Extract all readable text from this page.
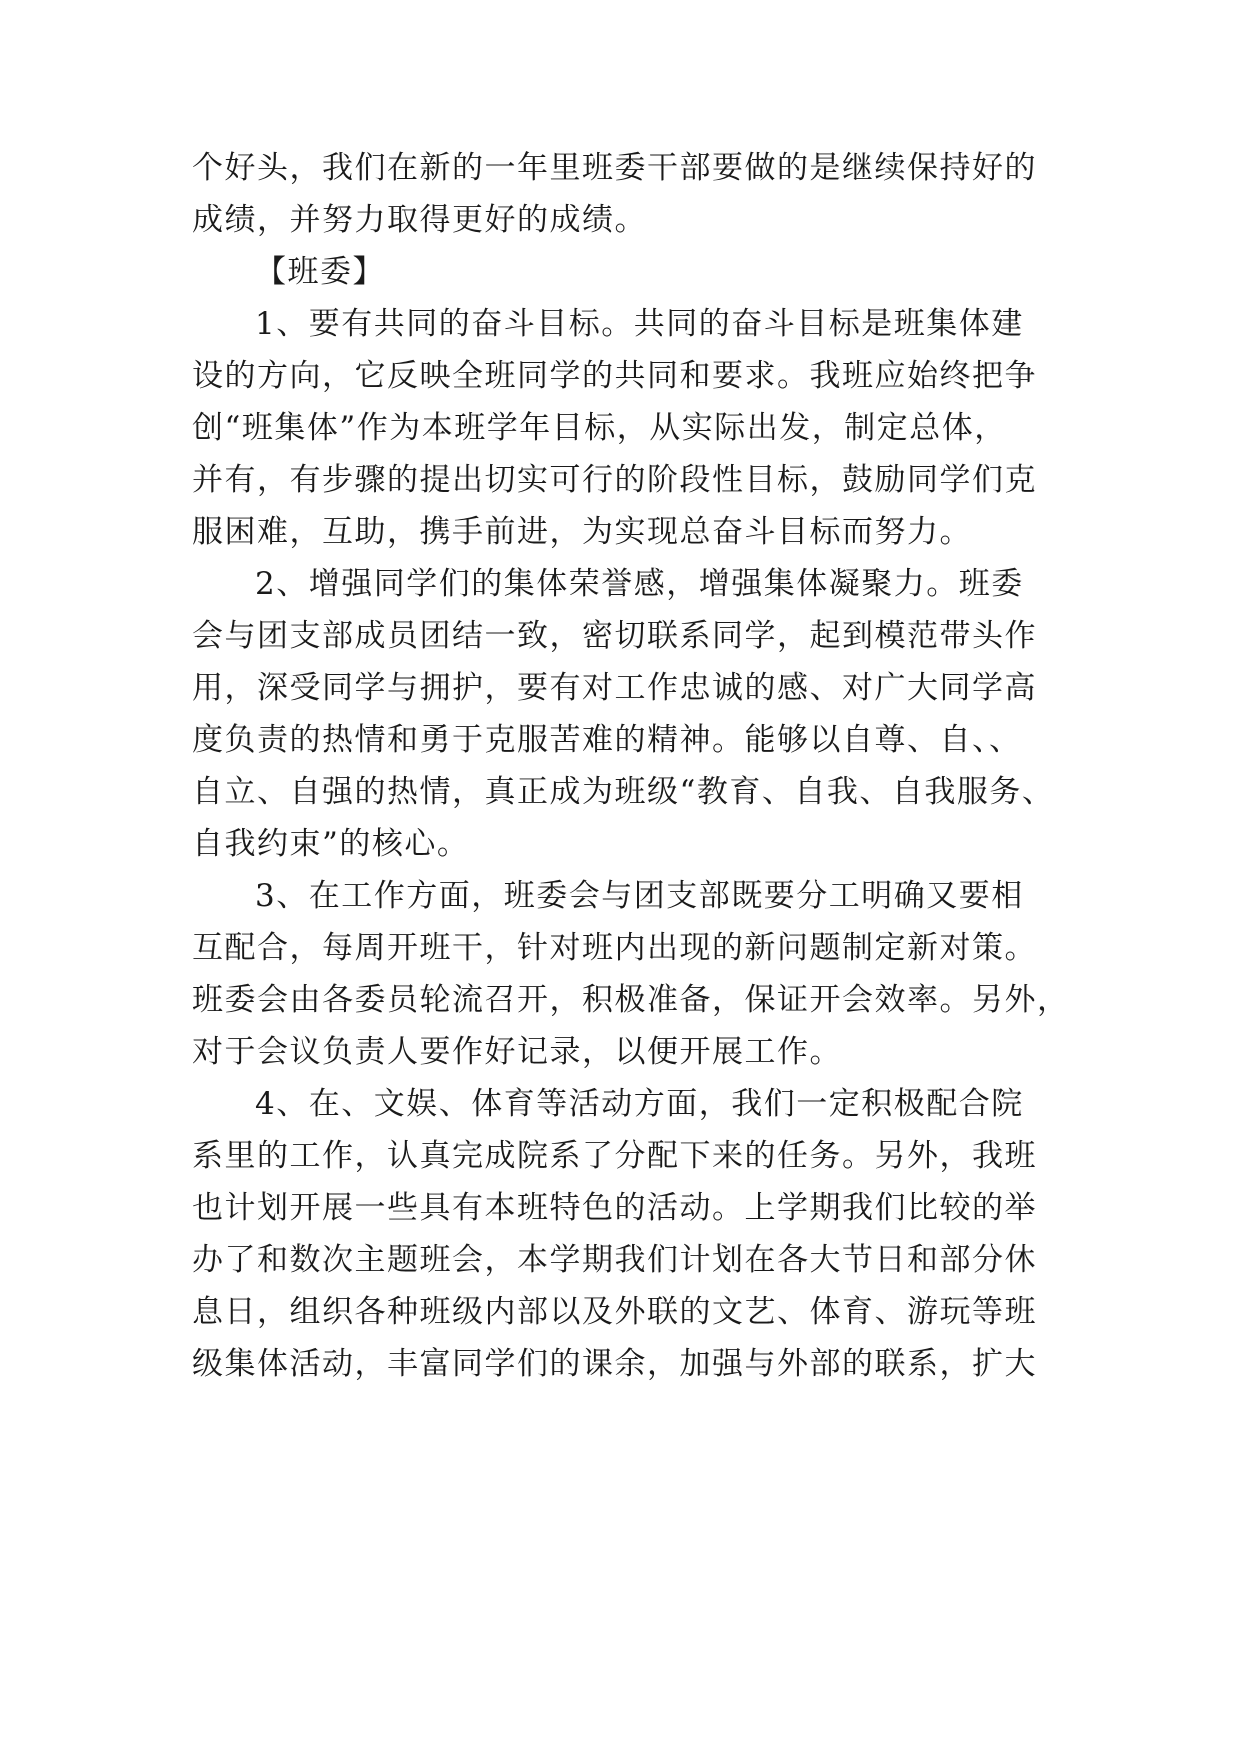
个好头，我们在新的一年里班委干部要做的是继续保持好的
成绩，并努力取得更好的成绩。
【班委】
1、要有共同的奋斗目标。共同的奋斗目标是班集体建
设的方向，它反映全班同学的共同和要求。我班应始终把争
创“班集体”作为本班学年目标，从实际出发，制定总体，
并有，有步骤的提出切实可行的阶段性目标，鼓励同学们克
服困难，互助，携手前进，为实现总奋斗目标而努力。
2、增强同学们的集体荣誉感，增强集体凝聚力。班委
会与团支部成员团结一致，密切联系同学，起到模范带头作
用，深受同学与拥护，要有对工作忠诚的感、对广大同学高
度负责的热情和勇于克服苦难的精神。能够以自尊、自、、
自立、自强的热情，真正成为班级“教育、自我、自我服务、
自我约束”的核心。
3、在工作方面，班委会与团支部既要分工明确又要相
互配合，每周开班干，针对班内出现的新问题制定新对策。
班委会由各委员轮流召开，积极准备，保证开会效率。另外，
对于会议负责人要作好记录，以便开展工作。
4、在、文娱、体育等活动方面，我们一定积极配合院
系里的工作，认真完成院系了分配下来的任务。另外，我班
也计划开展一些具有本班特色的活动。上学期我们比较的举
办了和数次主题班会，本学期我们计划在各大节日和部分休
息日，组织各种班级内部以及外联的文艺、体育、游玩等班
级集体活动，丰富同学们的课余，加强与外部的联系，扩大
